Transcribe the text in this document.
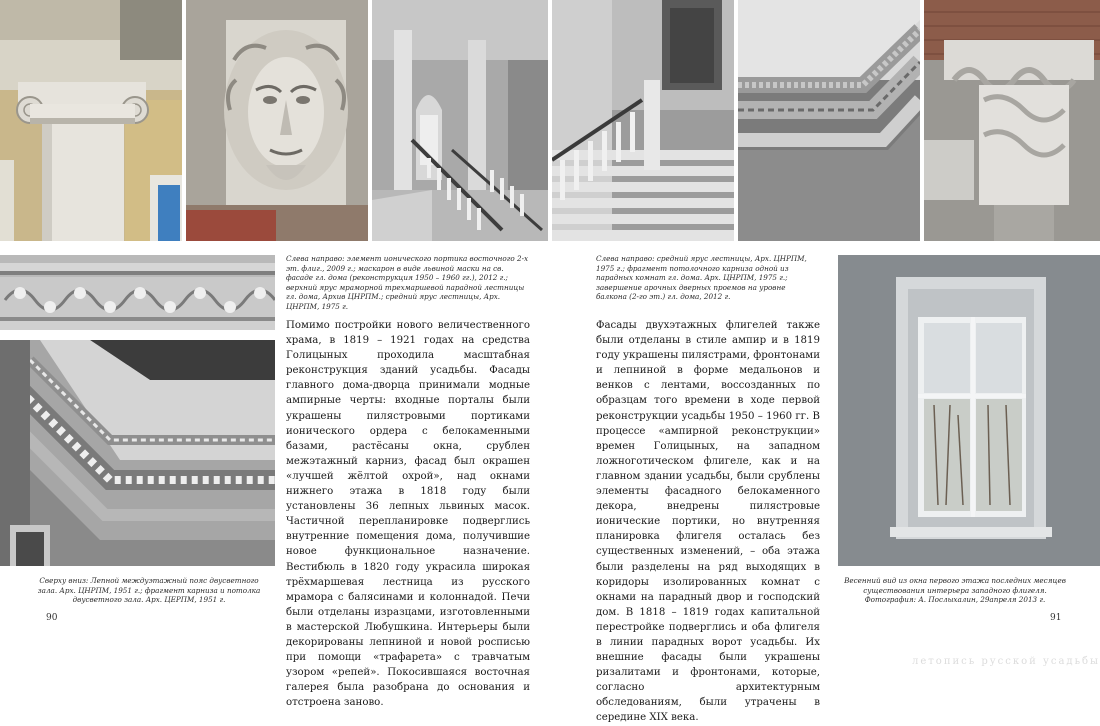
Слева направо: элемент ионического портика восточного 2-х эт. флиг., 2009 г.; маскарон в виде львиной маски на св. фасаде гл. дома (реконструкция 1950 – 1960 гг.), 2012 г.; верхний ярус мраморной трехмаршевой парадной лестницы гл. дома, Архив ЦНРПМ.; средний ярус лестницы, Арх. ЦНРПМ, 1975 г.

Помимо постройки нового величественного храма, в 1819 – 1921 годах на средства Голицыных проходила масштабная реконструкция зданий усадьбы. Фасады главного дома-дворца принимали модные ампирные черты: входные порталы были украшены пилястровыми портиками ионического ордера с белокаменными базами, растёсаны окна, срублен межэтажный карниз, фасад был окрашен «лучшей жёлтой охрой», над окнами нижнего этажа в 1818 году были установлены 36 лепных львиных масок. Частичной перепланировке подверглись внутренние помещения дома, получившие новое функциональное назначение. Вестибюль в 1820 году украсила широкая трёхмаршевая лестница из русского мрамора с балясинами и колоннадой. Печи были отделаны изразцами, изготовленными в мастерской Любушкина. Интерьеры были декорированы лепниной и новой росписью при помощи «трафарета» с травчатым узором «репей». Покосившаяся восточная галерея была разобрана до основания и отстроена заново.

Сверху вниз: Лепной междуэтажный пояс двусветного зала. Арх. ЦНРПМ, 1951 г.; фрагмент карниза и потолка двусветного зала. Арх. ЦЕРПМ, 1951 г.

90

Слева направо: средний ярус лестницы, Арх. ЦНРПМ, 1975 г.; фрагмент потолочного карниза одной из парадных комнат гл. дома. Арх. ЦНРПМ, 1975 г.; завершение арочных дверных проемов на уровне балкона (2-го эт.) гл. дома, 2012 г.

Фасады двухэтажных флигелей также были отделаны в стиле ампир и в 1819 году украшены пилястрами, фронтонами и лепниной в форме медальонов и венков с лентами, воссозданных по образцам того времени в ходе первой реконструкции усадьбы 1950 – 1960 гг. В процессе «ампирной реконструкции» времен Голицыных, на западном ложноготическом флигеле, как и на главном здании усадьбы, были срублены элементы фасадного белокаменного декора, внедрены пилястровые ионические портики, но внутренняя планировка флигеля осталась без существенных изменений, – оба этажа были разделены на ряд выходящих в коридоры изолированных комнат с окнами на парадный двор и господский дом. В 1818 – 1819 годах капитальной перестройке подверглись и оба флигеля в линии парадных ворот усадьбы. Их внешние фасады были украшены ризалитами и фронтонами, которые, согласно архитектурным обследованиям, были утрачены в середине XIX века.

Весенний вид из окна первого этажа последних месяцев существования интерьера западного флигеля. Фотография: А. Послыхалин, 29апреля 2013 г.

91
летопись русской усадьбы
